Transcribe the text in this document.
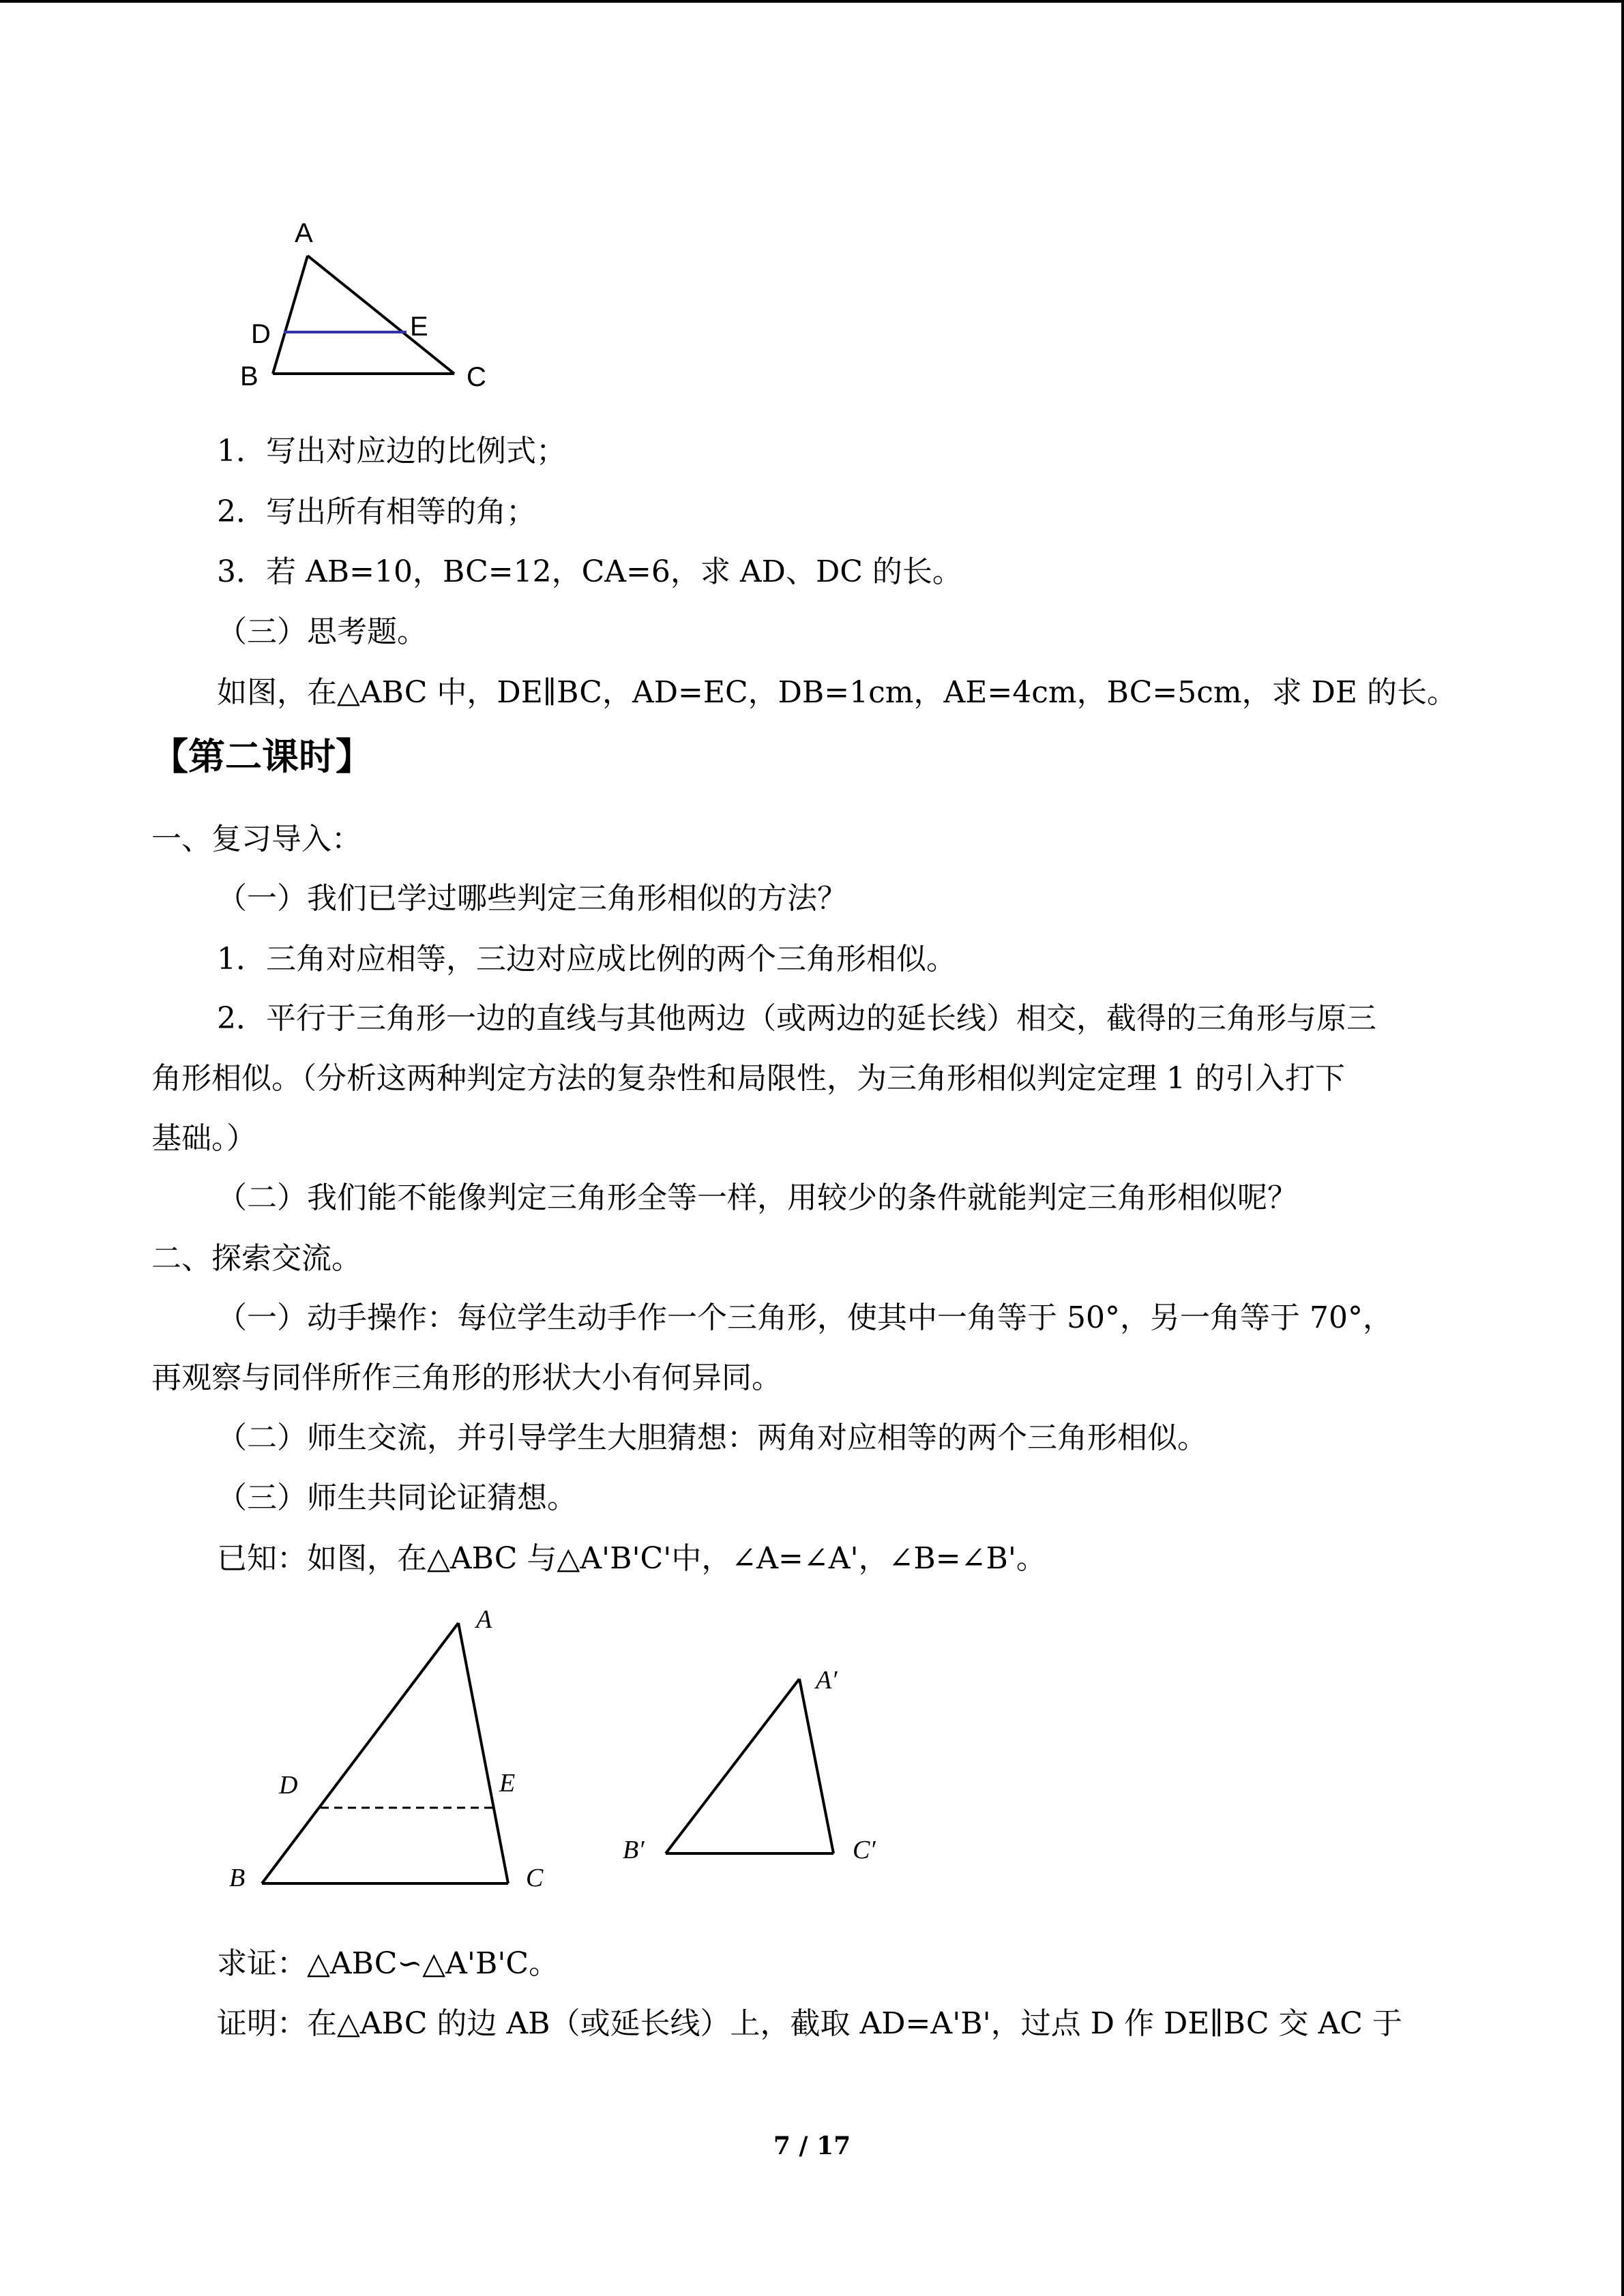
A
D	E
B	C
1．写出对应边的比例式；
2．写出所有相等的角；
3．若 AB=10，BC=12，CA=6，求 AD、DC 的长。
（三）思考题。
如图，在△ABC 中，DE∥BC，AD=EC，DB=1cm，AE=4cm，BC=5cm，求 DE 的长。
【第二课时】
一、复习导入：
（一）我们已学过哪些判定三角形相似的方法？
1．三角对应相等，三边对应成比例的两个三角形相似。
2．平行于三角形一边的直线与其他两边（或两边的延长线）相交，截得的三角形与原三
角形相似。（分析这两种判定方法的复杂性和局限性，为三角形相似判定定理 1 的引入打下
基础。）
（二）我们能不能像判定三角形全等一样，用较少的条件就能判定三角形相似呢？
二、探索交流。
（一）动手操作：每位学生动手作一个三角形，使其中一角等于 50°，另一角等于 70°，
再观察与同伴所作三角形的形状大小有何异同。
（二）师生交流，并引导学生大胆猜想：两角对应相等的两个三角形相似。
（三）师生共同论证猜想。
已知：如图，在△ABC 与△A'B'C'中，∠A=∠A'，∠B=∠B'。
A
D	E
B	C
A′
B′	C′
求证：△ABC∽△A'B'C。
证明：在△ABC 的边 AB（或延长线）上，截取 AD=A'B'，过点 D 作 DE∥BC 交 AC 于
7 / 17
